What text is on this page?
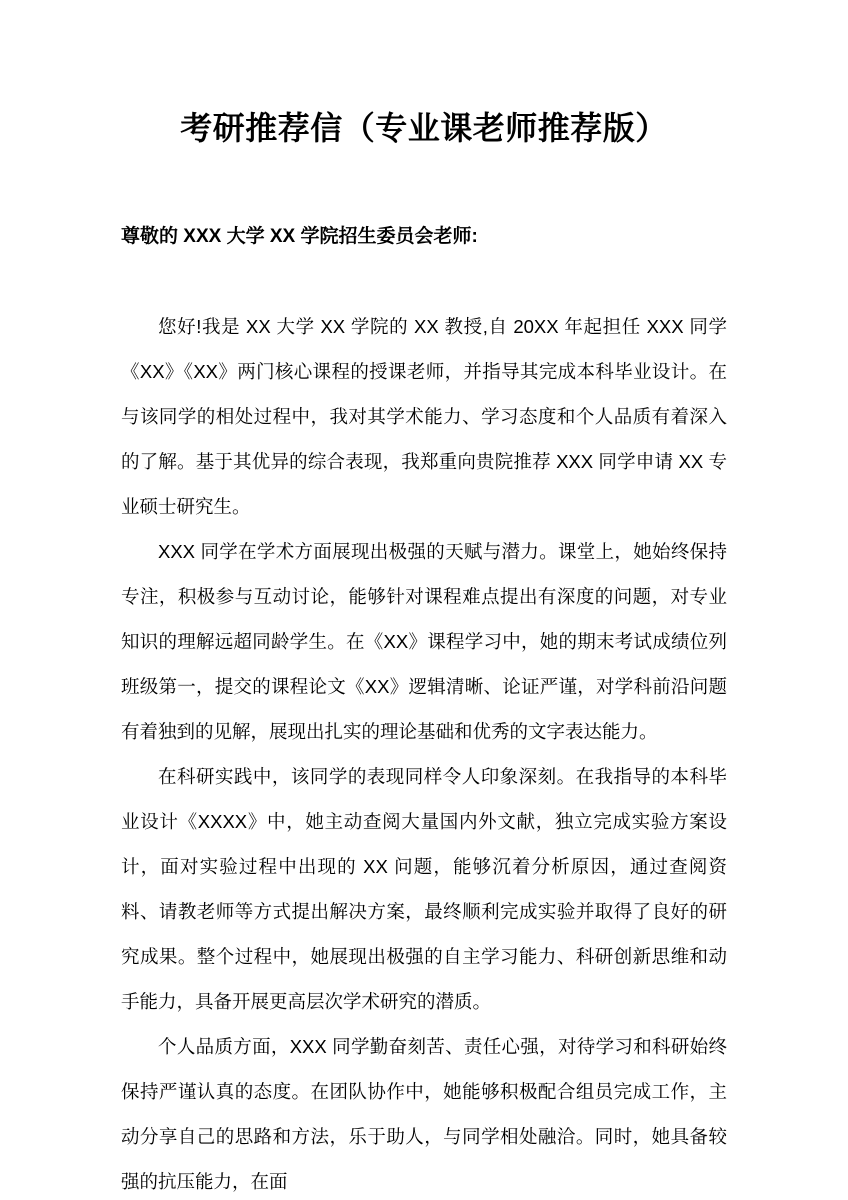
考研推荐信（专业课老师推荐版）

尊敬的 XXX 大学 XX 学院招生委员会老师:

您好!我是 XX 大学 XX 学院的 XX 教授,自 20XX 年起担任 XXX 同学《XX》《XX》两门核心课程的授课老师，并指导其完成本科毕业设计。在与该同学的相处过程中，我对其学术能力、学习态度和个人品质有着深入的了解。基于其优异的综合表现，我郑重向贵院推荐 XXX 同学申请 XX 专业硕士研究生。

XXX 同学在学术方面展现出极强的天赋与潜力。课堂上，她始终保持专注，积极参与互动讨论，能够针对课程难点提出有深度的问题，对专业知识的理解远超同龄学生。在《XX》课程学习中，她的期末考试成绩位列班级第一，提交的课程论文《XX》逻辑清晰、论证严谨，对学科前沿问题有着独到的见解，展现出扎实的理论基础和优秀的文字表达能力。

在科研实践中，该同学的表现同样令人印象深刻。在我指导的本科毕业设计《XXXX》中，她主动查阅大量国内外文献，独立完成实验方案设计，面对实验过程中出现的 XX 问题，能够沉着分析原因，通过查阅资料、请教老师等方式提出解决方案，最终顺利完成实验并取得了良好的研究成果。整个过程中，她展现出极强的自主学习能力、科研创新思维和动手能力，具备开展更高层次学术研究的潜质。

个人品质方面，XXX 同学勤奋刻苦、责任心强，对待学习和科研始终保持严谨认真的态度。在团队协作中，她能够积极配合组员完成工作，主动分享自己的思路和方法，乐于助人，与同学相处融洽。同时，她具备较强的抗压能力，在面
